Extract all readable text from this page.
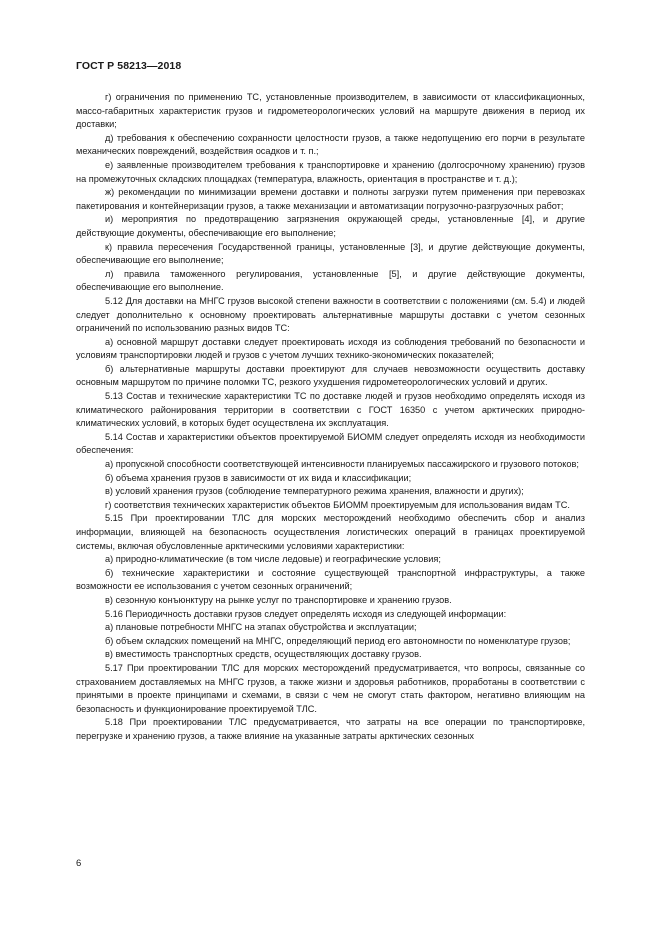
ГОСТ Р 58213—2018

г) ограничения по применению ТС, установленные производителем, в зависимости от классификационных, массо-габаритных характеристик грузов и гидрометеорологических условий на маршруте движения в период их доставки;

д) требования к обеспечению сохранности целостности грузов, а также недопущению его порчи в результате механических повреждений, воздействия осадков и т. п.;

е) заявленные производителем требования к транспортировке и хранению (долгосрочному хранению) грузов на промежуточных складских площадках (температура, влажность, ориентация в пространстве и т. д.);

ж) рекомендации по минимизации времени доставки и полноты загрузки путем применения при перевозках пакетирования и контейнеризации грузов, а также механизации и автоматизации погрузочно-разгрузочных работ;

и) мероприятия по предотвращению загрязнения окружающей среды, установленные [4], и другие действующие документы, обеспечивающие его выполнение;

к) правила пересечения Государственной границы, установленные [3], и другие действующие документы, обеспечивающие его выполнение;

л) правила таможенного регулирования, установленные [5], и другие действующие документы, обеспечивающие его выполнение.

5.12 Для доставки на МНГС грузов высокой степени важности в соответствии с положениями (см. 5.4) и людей следует дополнительно к основному проектировать альтернативные маршруты доставки с учетом сезонных ограничений по использованию разных видов ТС:

а) основной маршрут доставки следует проектировать исходя из соблюдения требований по безопасности и условиям транспортировки людей и грузов с учетом лучших технико-экономических показателей;

б) альтернативные маршруты доставки проектируют для случаев невозможности осуществить доставку основным маршрутом по причине поломки ТС, резкого ухудшения гидрометеорологических условий и других.

5.13 Состав и технические характеристики ТС по доставке людей и грузов необходимо определять исходя из климатического районирования территории в соответствии с ГОСТ 16350 с учетом арктических природно-климатических условий, в которых будет осуществлена их эксплуатация.

5.14 Состав и характеристики объектов проектируемой БИОММ следует определять исходя из необходимости обеспечения:

а) пропускной способности соответствующей интенсивности планируемых пассажирского и грузового потоков;

б) объема хранения грузов в зависимости от их вида и классификации;

в) условий хранения грузов (соблюдение температурного режима хранения, влажности и других);

г) соответствия технических характеристик объектов БИОММ проектируемым для использования видам ТС.

5.15 При проектировании ТЛС для морских месторождений необходимо обеспечить сбор и анализ информации, влияющей на безопасность осуществления логистических операций в границах проектируемой системы, включая обусловленные арктическими условиями характеристики:

а) природно-климатические (в том числе ледовые) и географические условия;

б) технические характеристики и состояние существующей транспортной инфраструктуры, а также возможности ее использования с учетом сезонных ограничений;

в) сезонную конъюнктуру на рынке услуг по транспортировке и хранению грузов.

5.16 Периодичность доставки грузов следует определять исходя из следующей информации:

а) плановые потребности МНГС на этапах обустройства и эксплуатации;

б) объем складских помещений на МНГС, определяющий период его автономности по номенклатуре грузов;

в) вместимость транспортных средств, осуществляющих доставку грузов.

5.17 При проектировании ТЛС для морских месторождений предусматривается, что вопросы, связанные со страхованием доставляемых на МНГС грузов, а также жизни и здоровья работников, проработаны в соответствии с принятыми в проекте принципами и схемами, в связи с чем не смогут стать фактором, негативно влияющим на безопасность и функционирование проектируемой ТЛС.

5.18 При проектировании ТЛС предусматривается, что затраты на все операции по транспортировке, перегрузке и хранению грузов, а также влияние на указанные затраты арктических сезонных

6
